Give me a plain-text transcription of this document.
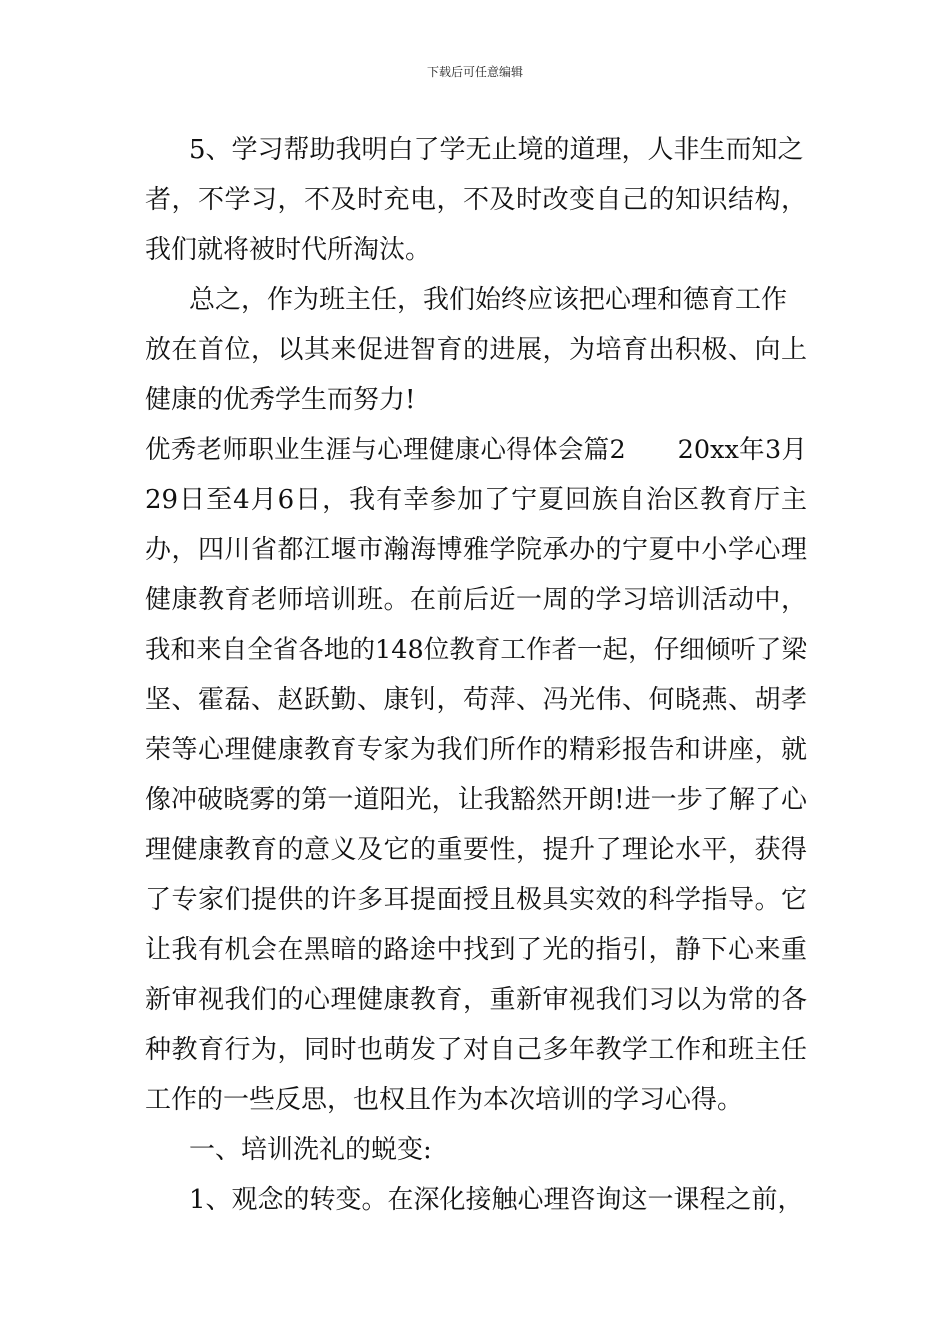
下载后可任意编辑
5、学习帮助我明白了学无止境的道理，人非生而知之
者，不学习，不及时充电，不及时改变自己的知识结构，
我们就将被时代所淘汰。
总之，作为班主任，我们始终应该把心理和德育工作
放在首位，以其来促进智育的进展，为培育出积极、向上
健康的优秀学生而努力!
优秀老师职业生涯与心理健康心得体会篇2　　20xx年3月
29日至4月6日，我有幸参加了宁夏回族自治区教育厅主
办，四川省都江堰市瀚海博雅学院承办的宁夏中小学心理
健康教育老师培训班。在前后近一周的学习培训活动中，
我和来自全省各地的148位教育工作者一起，仔细倾听了梁
坚、霍磊、赵跃勤、康钊，苟萍、冯光伟、何晓燕、胡孝
荣等心理健康教育专家为我们所作的精彩报告和讲座，就
像冲破晓雾的第一道阳光，让我豁然开朗!进一步了解了心
理健康教育的意义及它的重要性，提升了理论水平，获得
了专家们提供的许多耳提面授且极具实效的科学指导。它
让我有机会在黑暗的路途中找到了光的指引，静下心来重
新审视我们的心理健康教育，重新审视我们习以为常的各
种教育行为，同时也萌发了对自己多年教学工作和班主任
工作的一些反思，也权且作为本次培训的学习心得。
一、培训洗礼的蜕变:
1、观念的转变。在深化接触心理咨询这一课程之前，
